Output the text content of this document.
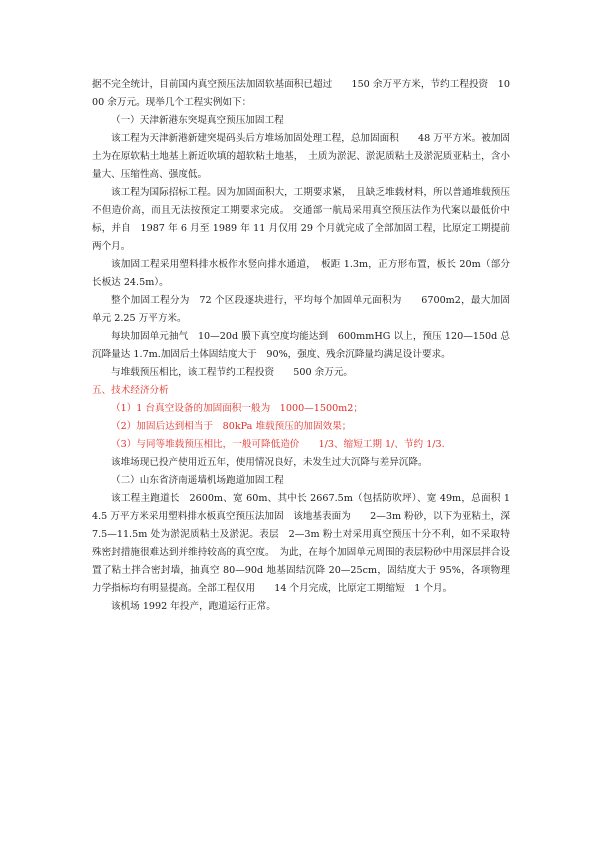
据不完全统计，目前国内真空预压法加固软基面积已超过　　150 余万平方米，节约工程投资　1000 余万元。现举几个工程实例如下：

（一）天津新港东突堤真空预压加固工程

该工程为天津新港新建突堤码头后方堆场加固处理工程，总加固面积　　48 万平方米。被加固土为在原软粘土地基上新近吹填的超软粘土地基，　土质为淤泥、淤泥质粘土及淤泥质亚粘土，含小量大、压缩性高、强度低。

该工程为国际招标工程。因为加固面积大，工期要求紧，　且缺乏堆载材料，所以普通堆载预压不但造价高，而且无法按预定工期要求完成。 交通部一航局采用真空预压法作为代案以最低价中标，并自　1987 年 6 月至 1989 年 11 月仅用 29 个月就完成了全部加固工程，比原定工期提前两个月。

该加固工程采用塑料排水板作水竖向排水通道，　板距 1.3m，正方形布置，板长 20m（部分长板达 24.5m）。

整个加固工程分为　72 个区段逐块进行，平均每个加固单元面积为　　6700m2，最大加固单元 2.25 万平方米。

每块加固单元抽气　10—20d 膜下真空度均能达到　600mmHG 以上，预压 120—150d 总沉降量达 1.7m.加固后土体固结度大于　90%，强度、残余沉降量均满足设计要求。

与堆载预压相比，该工程节约工程投资　　500 余万元。

五、技术经济分析

（1）1 台真空设备的加固面积一般为　1000—1500m2；

（2）加固后达到相当于　80kPa 堆载预压的加固效果；

（3）与同等堆载预压相比，一般可降低造价　　1/3、缩短工期 1/、节约 1/3.

该堆场现已投产使用近五年，使用情况良好，未发生过大沉降与差异沉降。

（二）山东省济南遥墙机场跑道加固工程

该工程主跑道长　2600m、宽 60m、其中长 2667.5m（包括防吹坪）、宽 49m，总面积 14.5 万平方米采用塑料排水板真空预压法加固　该地基表面为　　2—3m 粉砂，以下为亚粘土，深 7.5—11.5m 处为淤泥质粘土及淤泥。表层　2—3m 粉土对采用真空预压十分不利，如不采取特殊密封措施很难达到并维持较高的真空度。　为此，在每个加固单元周围的表层粉砂中用深层拌合设置了粘土拌合密封墙，抽真空 80—90d 地基固结沉降 20—25cm，固结度大于 95%，各项物理力学指标均有明显提高。全部工程仅用　　14 个月完成，比原定工期缩短　1 个月。

该机场 1992 年投产，跑道运行正常。
